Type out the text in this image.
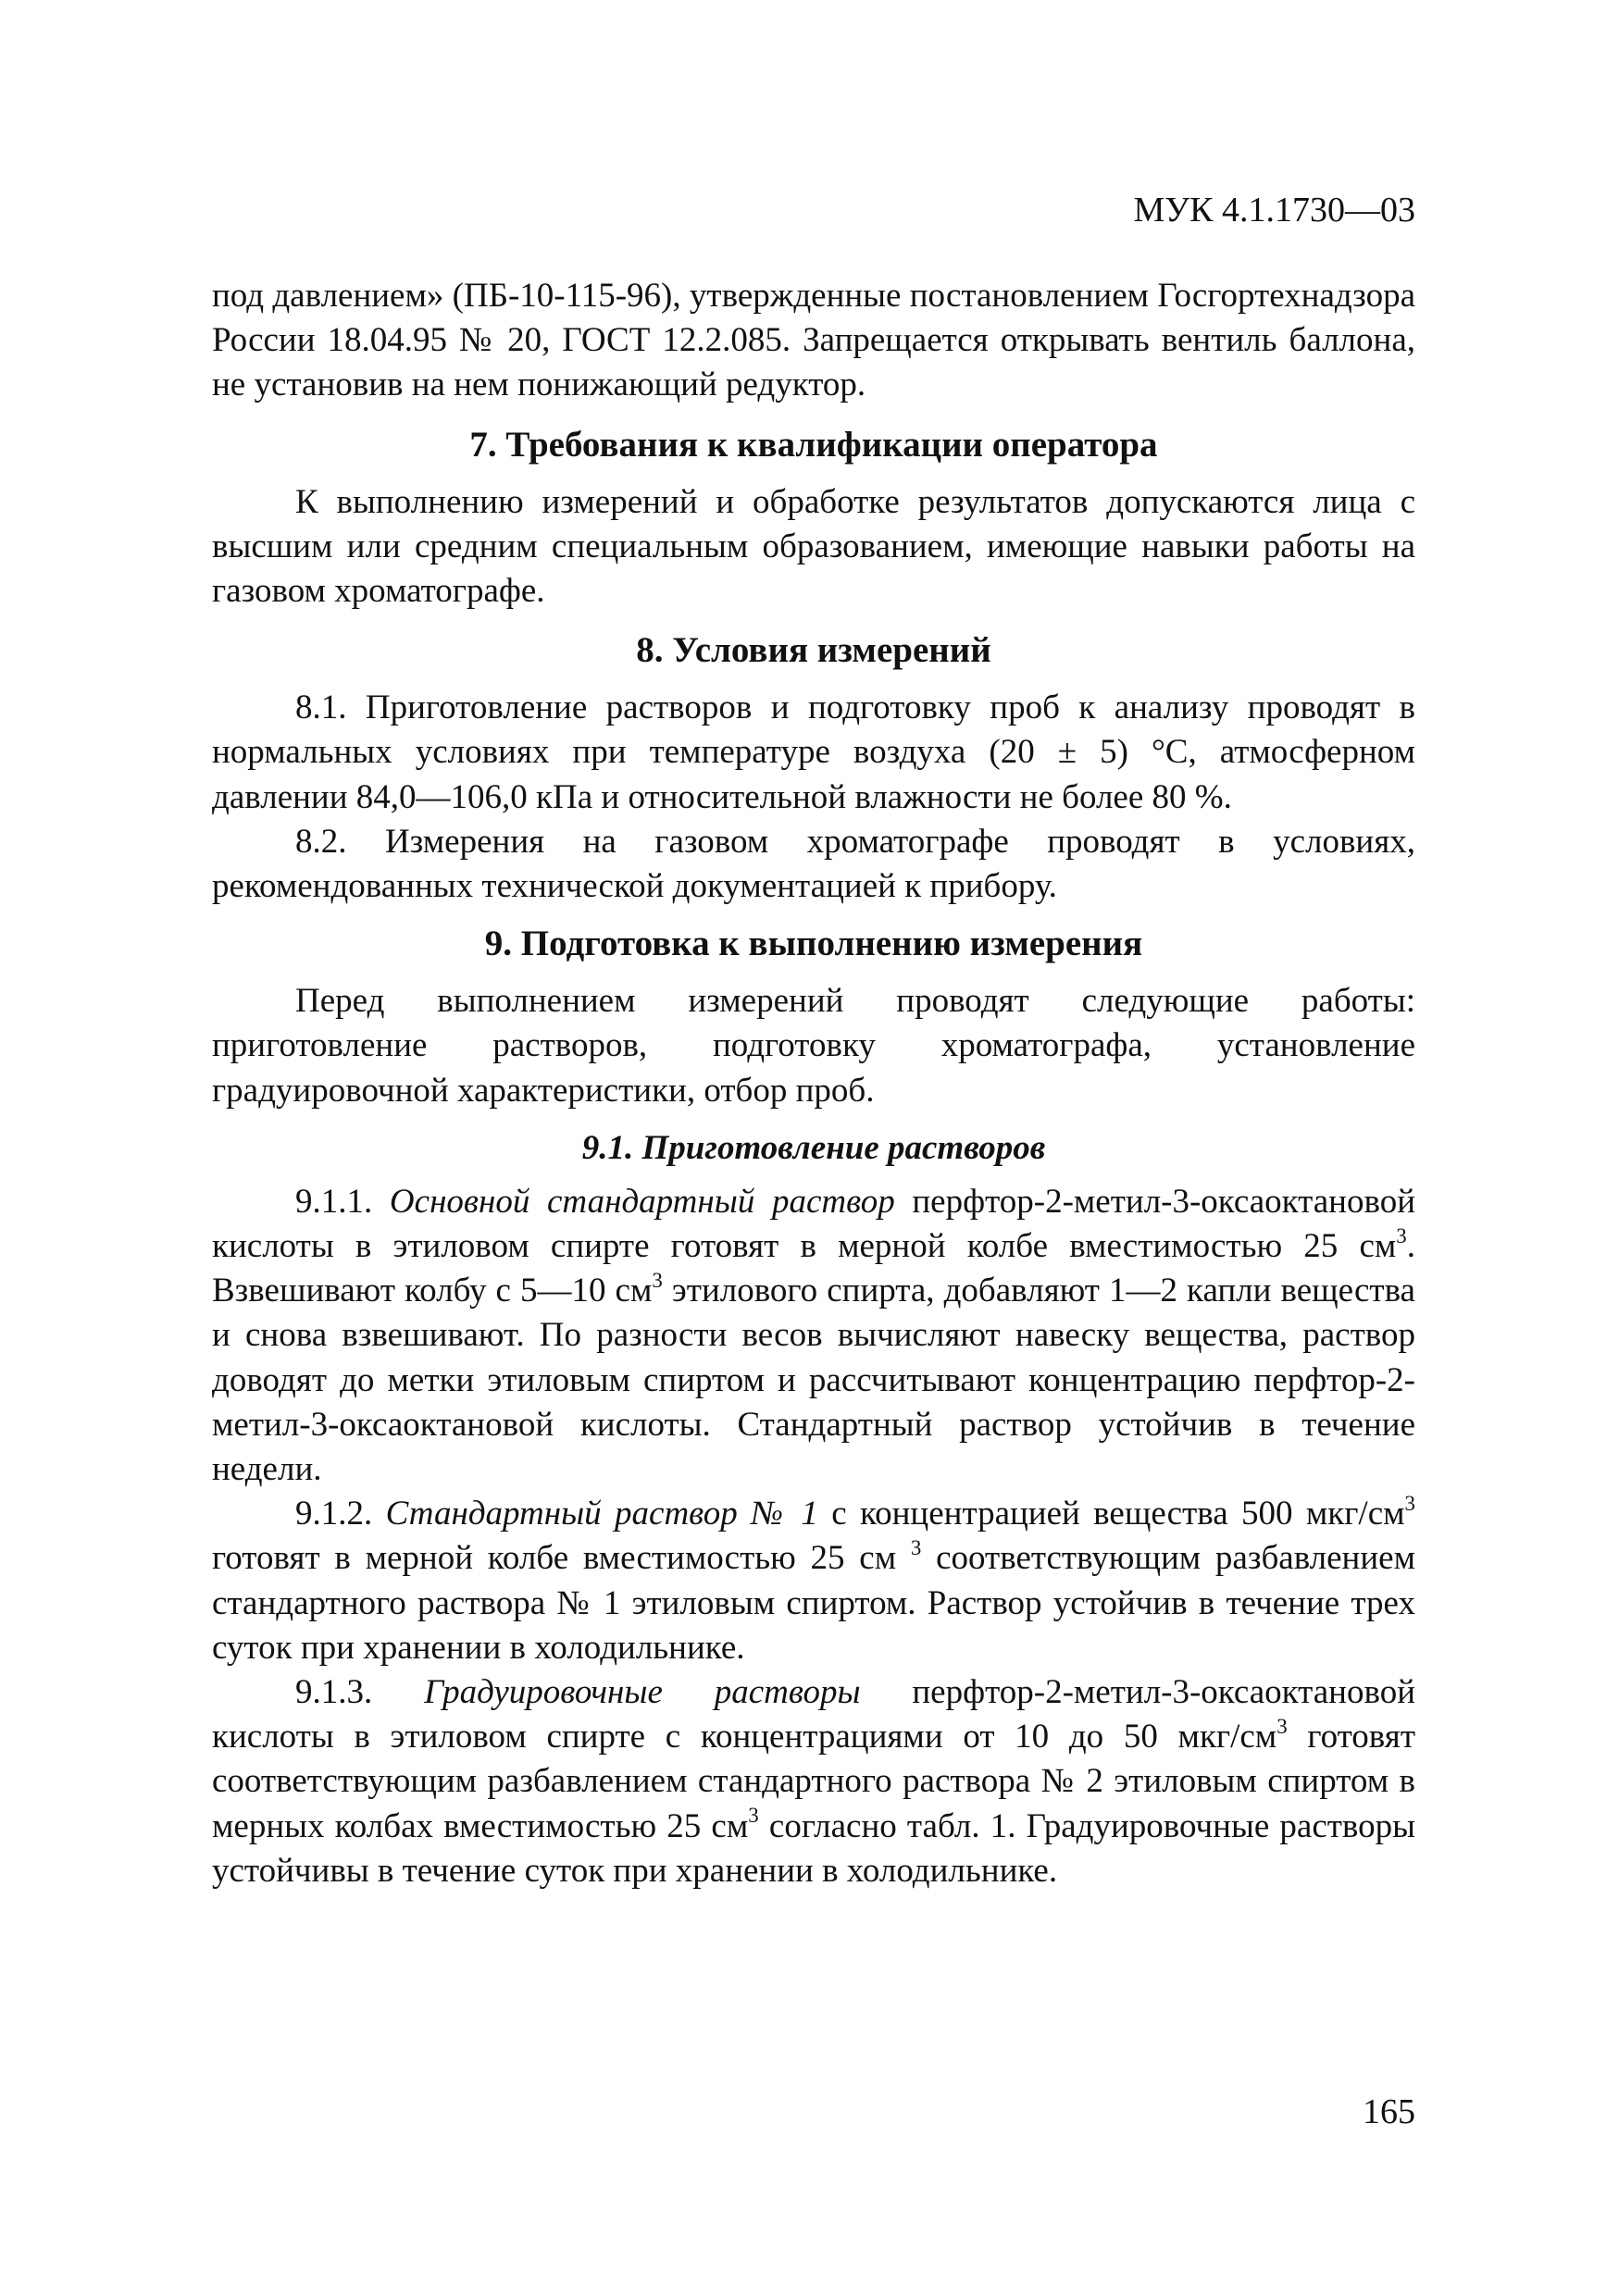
МУК 4.1.1730—03

под давлением» (ПБ-10-115-96), утвержденные постановлением Госгортехнадзора России 18.04.95 № 20, ГОСТ 12.2.085. Запрещается открывать вентиль баллона, не установив на нем понижающий редуктор.

7. Требования к квалификации оператора

К выполнению измерений и обработке результатов допускаются лица с высшим или средним специальным образованием, имеющие навыки работы на газовом хроматографе.

8. Условия измерений

8.1. Приготовление растворов и подготовку проб к анализу проводят в нормальных условиях при температуре воздуха (20 ± 5) °С, атмосферном давлении 84,0—106,0 кПа и относительной влажности не более 80 %.

8.2. Измерения на газовом хроматографе проводят в условиях, рекомендованных технической документацией к прибору.

9. Подготовка к выполнению измерения

Перед выполнением измерений проводят следующие работы: приготовление растворов, подготовку хроматографа, установление градуировочной характеристики, отбор проб.

9.1. Приготовление растворов

9.1.1. Основной стандартный раствор перфтор-2-метил-3-оксаоктановой кислоты в этиловом спирте готовят в мерной колбе вместимостью 25 $см^3$. Взвешивают колбу с 5—10 $см^3$ этилового спирта, добавляют 1—2 капли вещества и снова взвешивают. По разности весов вычисляют навеску вещества, раствор доводят до метки этиловым спиртом и рассчитывают концентрацию перфтор-2-метил-3-оксаоктановой кислоты. Стандартный раствор устойчив в течение недели.

9.1.2. Стандартный раствор № 1 с концентрацией вещества 500 мкг/$см^3$ готовят в мерной колбе вместимостью 25 см $^3$ соответствующим разбавлением стандартного раствора № 1 этиловым спиртом. Раствор устойчив в течение трех суток при хранении в холодильнике.

9.1.3. Градуировочные растворы перфтор-2-метил-3-оксаоктановой кислоты в этиловом спирте с концентрациями от 10 до 50 мкг/$см^3$ готовят соответствующим разбавлением стандартного раствора № 2 этиловым спиртом в мерных колбах вместимостью 25 $см^3$ согласно табл. 1. Градуировочные растворы устойчивы в течение суток при хранении в холодильнике.

165
